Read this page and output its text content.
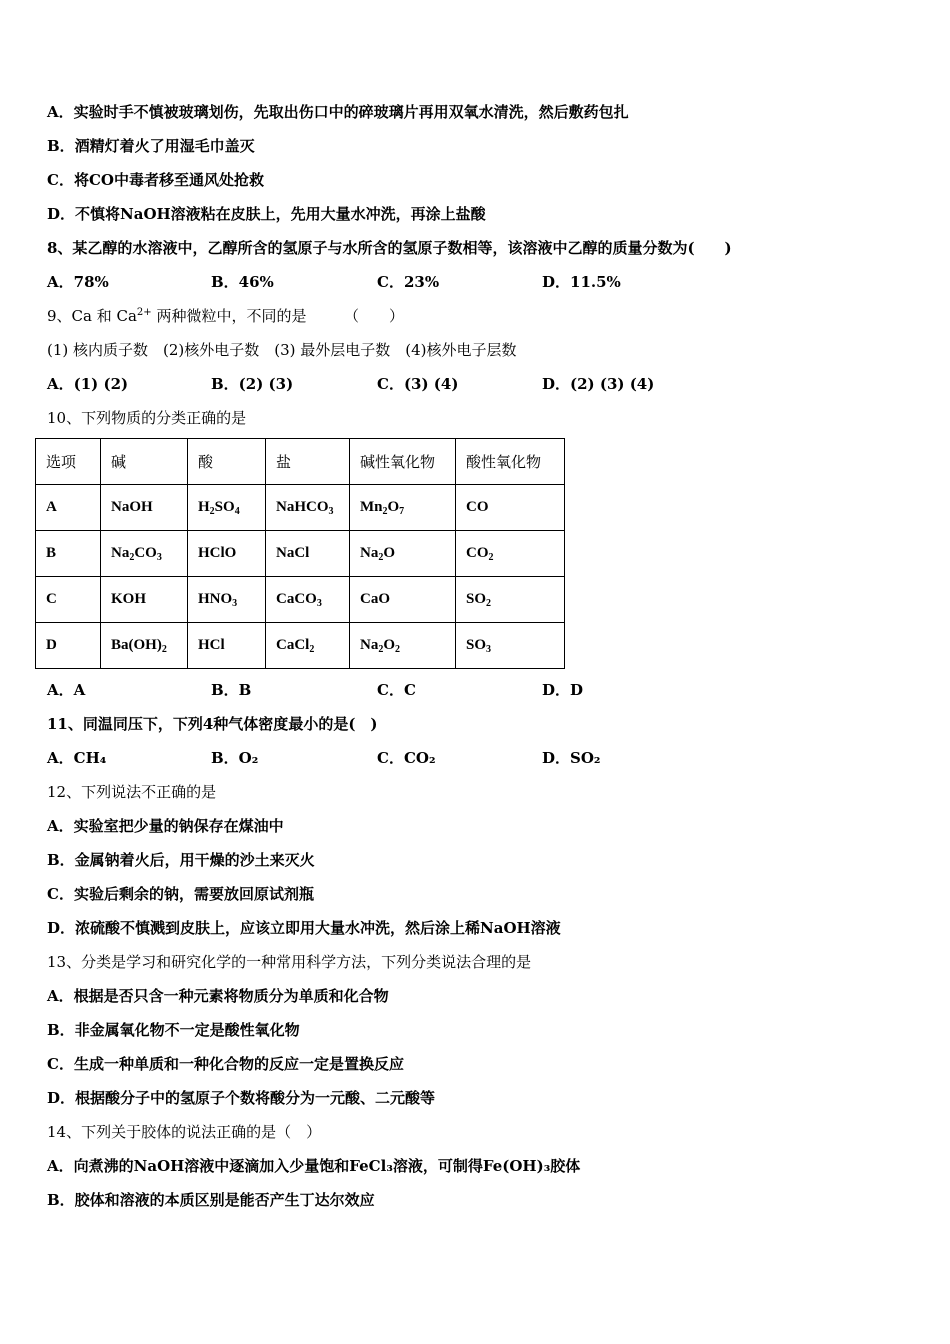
A．实验时手不慎被玻璃划伤，先取出伤口中的碎玻璃片再用双氧水清洗，然后敷药包扎
B．酒精灯着火了用湿毛巾盖灭
C．将CO中毒者移至通风处抢救
D．不慎将NaOH溶液粘在皮肤上，先用大量水冲洗，再涂上盐酸
8、某乙醇的水溶液中，乙醇所含的氢原子与水所含的氢原子数相等，该溶液中乙醇的质量分数为(　　)
A．78%	B．46%	C．23%	D．11.5%
9、Ca 和 $Ca^{2+}$ 两种微粒中，不同的是　　　（　　）
(1) 核内质子数　(2)核外电子数　(3) 最外层电子数　(4)核外电子层数
A．(1) (2)	B．(2) (3)	C．(3) (4)	D．(2) (3) (4)
10、下列物质的分类正确的是
选项	碱	酸	盐	碱性氧化物	酸性氧化物
A	NaOH	$H_2SO_4$	NaHCO$_3$	$Mn_2O_7$	CO
B	$Na_2CO_3$	HClO	NaCl	$Na_2O$	$CO_2$
C	KOH	$HNO_3$	CaCO$_3$	CaO	$SO_2$
D	$Ba(OH)_2$	HCl	CaCl$_2$	$Na_2O_2$	$SO_3$
A．A	B．B	C．C	D．D
11、同温同压下，下列4种气体密度最小的是(　)
A．CH₄	B．O₂	C．CO₂	D．SO₂
12、下列说法不正确的是
A．实验室把少量的钠保存在煤油中
B．金属钠着火后，用干燥的沙土来灭火
C．实验后剩余的钠，需要放回原试剂瓶
D．浓硫酸不慎溅到皮肤上，应该立即用大量水冲洗，然后涂上稀NaOH溶液
13、分类是学习和研究化学的一种常用科学方法，下列分类说法合理的是
A．根据是否只含一种元素将物质分为单质和化合物
B．非金属氧化物不一定是酸性氧化物
C．生成一种单质和一种化合物的反应一定是置换反应
D．根据酸分子中的氢原子个数将酸分为一元酸、二元酸等
14、下列关于胶体的说法正确的是（　）
A．向煮沸的NaOH溶液中逐滴加入少量饱和FeCl₃溶液，可制得Fe(OH)₃胶体
B．胶体和溶液的本质区别是能否产生丁达尔效应
